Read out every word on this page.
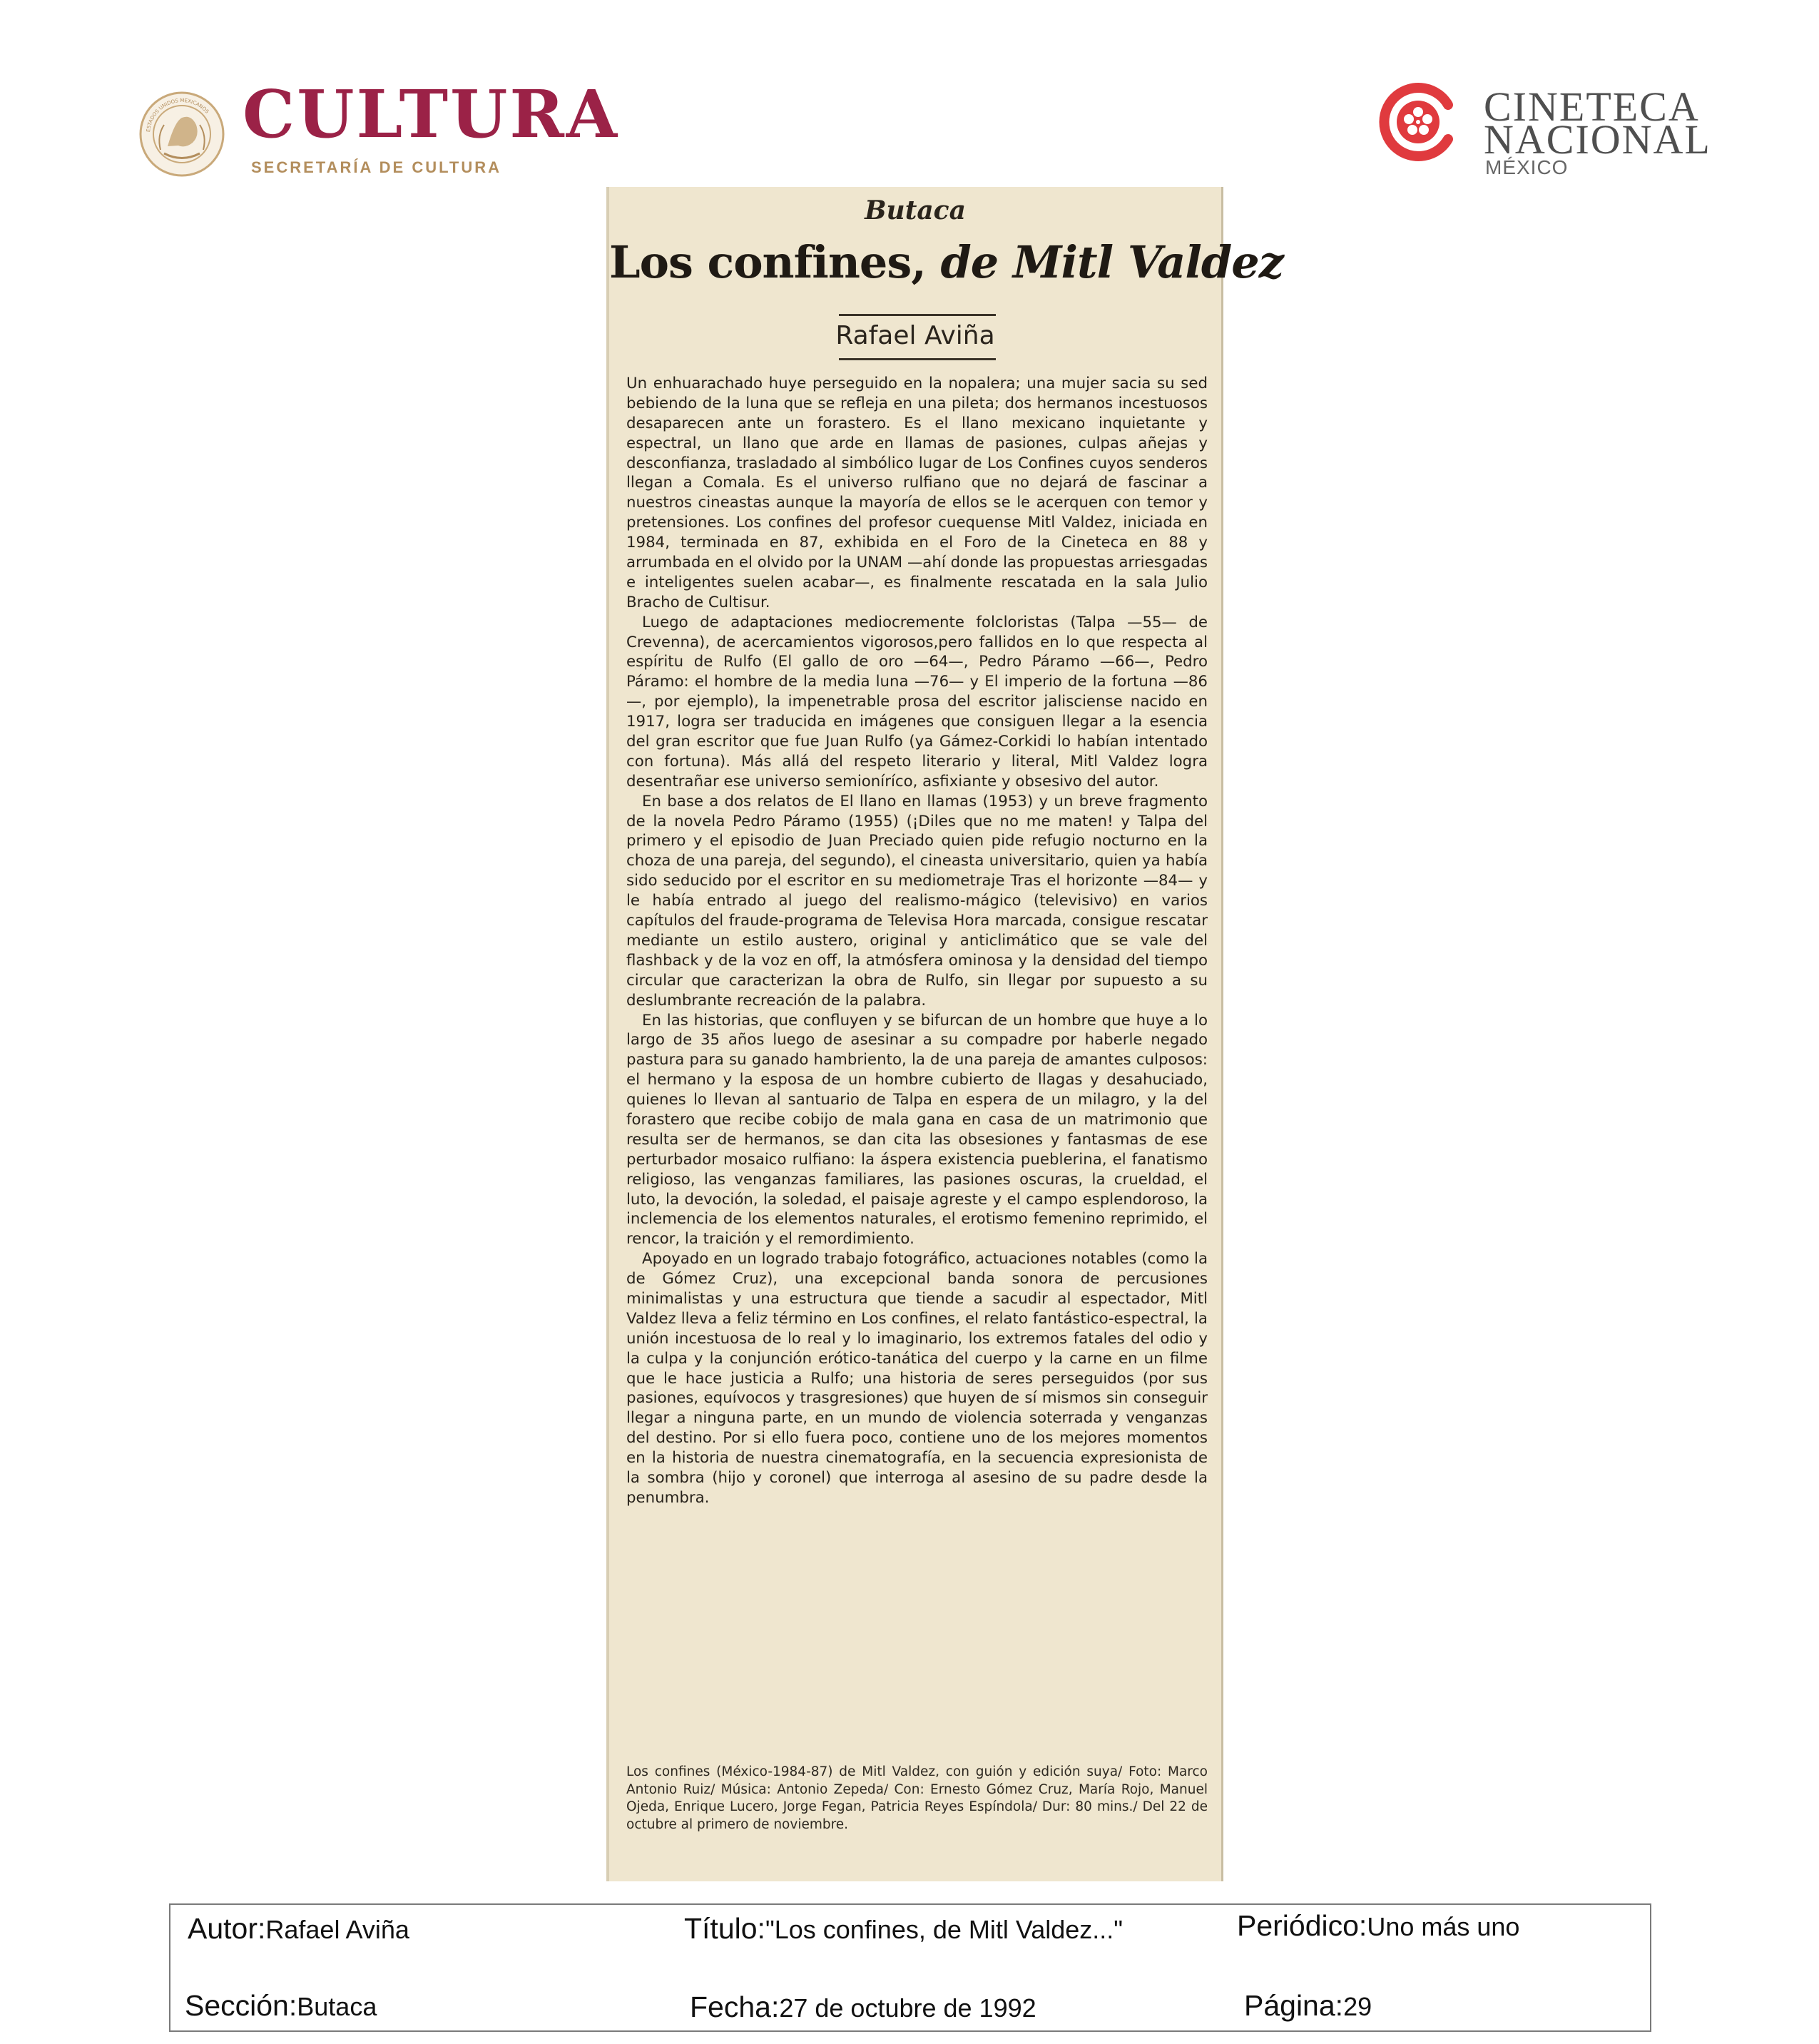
ESTADOS UNIDOS MEXICANOS CULTURA
SECRETARÍA DE CULTURA
CINETECA
NACIONAL
MÉXICO
Butaca
Los confines, de Mitl Valdez
Rafael Aviña

Un enhuarachado huye perseguido en la nopalera; una mujer sacia su sed bebiendo de la luna que se refleja en una pileta; dos hermanos incestuosos desaparecen ante un forastero. Es el llano mexicano inquietante y espectral, un llano que arde en llamas de pasiones, culpas añejas y desconfianza, trasladado al simbólico lugar de Los Confines cuyos senderos llegan a Comala. Es el universo rulfiano que no dejará de fascinar a nuestros cineastas aunque la mayoría de ellos se le acerquen con temor y pretensiones. Los confines del profesor cuequense Mitl Valdez, iniciada en 1984, terminada en 87, exhibida en el Foro de la Cineteca en 88 y arrumbada en el olvido por la UNAM —ahí donde las propuestas arriesgadas e inteligentes suelen acabar—, es finalmente rescatada en la sala Julio Bracho de Cultisur.

Luego de adaptaciones mediocremente folcloristas (Talpa —55— de Crevenna), de acercamientos vigorosos,pero fallidos en lo que respecta al espíritu de Rulfo (El gallo de oro —64—, Pedro Páramo —66—, Pedro Páramo: el hombre de la media luna —76— y El imperio de la fortuna —86—, por ejemplo), la impenetrable prosa del escritor jalisciense nacido en 1917, logra ser traducida en imágenes que consiguen llegar a la esencia del gran escritor que fue Juan Rulfo (ya Gámez-Corkidi lo habían intentado con fortuna). Más allá del respeto literario y literal, Mitl Valdez logra desentrañar ese universo semioníríco, asfixiante y obsesivo del autor.

En base a dos relatos de El llano en llamas (1953) y un breve fragmento de la novela Pedro Páramo (1955) (¡Diles que no me maten! y Talpa del primero y el episodio de Juan Preciado quien pide refugio nocturno en la choza de una pareja, del segundo), el cineasta universitario, quien ya había sido seducido por el escritor en su mediometraje Tras el horizonte —84— y le había entrado al juego del realismo-mágico (televisivo) en varios capítulos del fraude-programa de Televisa Hora marcada, consigue rescatar mediante un estilo austero, original y anticlimático que se vale del flashback y de la voz en off, la atmósfera ominosa y la densidad del tiempo circular que caracterizan la obra de Rulfo, sin llegar por supuesto a su deslumbrante recreación de la palabra.

En las historias, que confluyen y se bifurcan de un hombre que huye a lo largo de 35 años luego de asesinar a su compadre por haberle negado pastura para su ganado hambriento, la de una pareja de amantes culposos: el hermano y la esposa de un hombre cubierto de llagas y desahuciado, quienes lo llevan al santuario de Talpa en espera de un milagro, y la del forastero que recibe cobijo de mala gana en casa de un matrimonio que resulta ser de hermanos, se dan cita las obsesiones y fantasmas de ese perturbador mosaico rulfiano: la áspera existencia pueblerina, el fanatismo religioso, las venganzas familiares, las pasiones oscuras, la crueldad, el luto, la devoción, la soledad, el paisaje agreste y el campo esplendoroso, la inclemencia de los elementos naturales, el erotismo femenino reprimido, el rencor, la traición y el remordimiento.

Apoyado en un logrado trabajo fotográfico, actuaciones notables (como la de Gómez Cruz), una excepcional banda sonora de percusiones minimalistas y una estructura que tiende a sacudir al espectador, Mitl Valdez lleva a feliz término en Los confines, el relato fantástico-espectral, la unión incestuosa de lo real y lo imaginario, los extremos fatales del odio y la culpa y la conjunción erótico-tanática del cuerpo y la carne en un filme que le hace justicia a Rulfo; una historia de seres perseguidos (por sus pasiones, equívocos y trasgresiones) que huyen de sí mismos sin conseguir llegar a ninguna parte, en un mundo de violencia soterrada y venganzas del destino. Por si ello fuera poco, contiene uno de los mejores momentos en la historia de nuestra cinematografía, en la secuencia expresionista de la sombra (hijo y coronel) que interroga al asesino de su padre desde la penumbra.

Los confines (México-1984-87) de Mitl Valdez, con guión y edición suya/ Foto: Marco Antonio Ruiz/ Música: Antonio Zepeda/ Con: Ernesto Gómez Cruz, María Rojo, Manuel Ojeda, Enrique Lucero, Jorge Fegan, Patricia Reyes Espíndola/ Dur: 80 mins./ Del 22 de octubre al primero de noviembre.
Autor:Rafael Aviña	Título:"Los confines, de Mitl Valdez..."	Periódico:Uno más uno
Sección:Butaca	Fecha:27 de octubre de 1992	Página:29
